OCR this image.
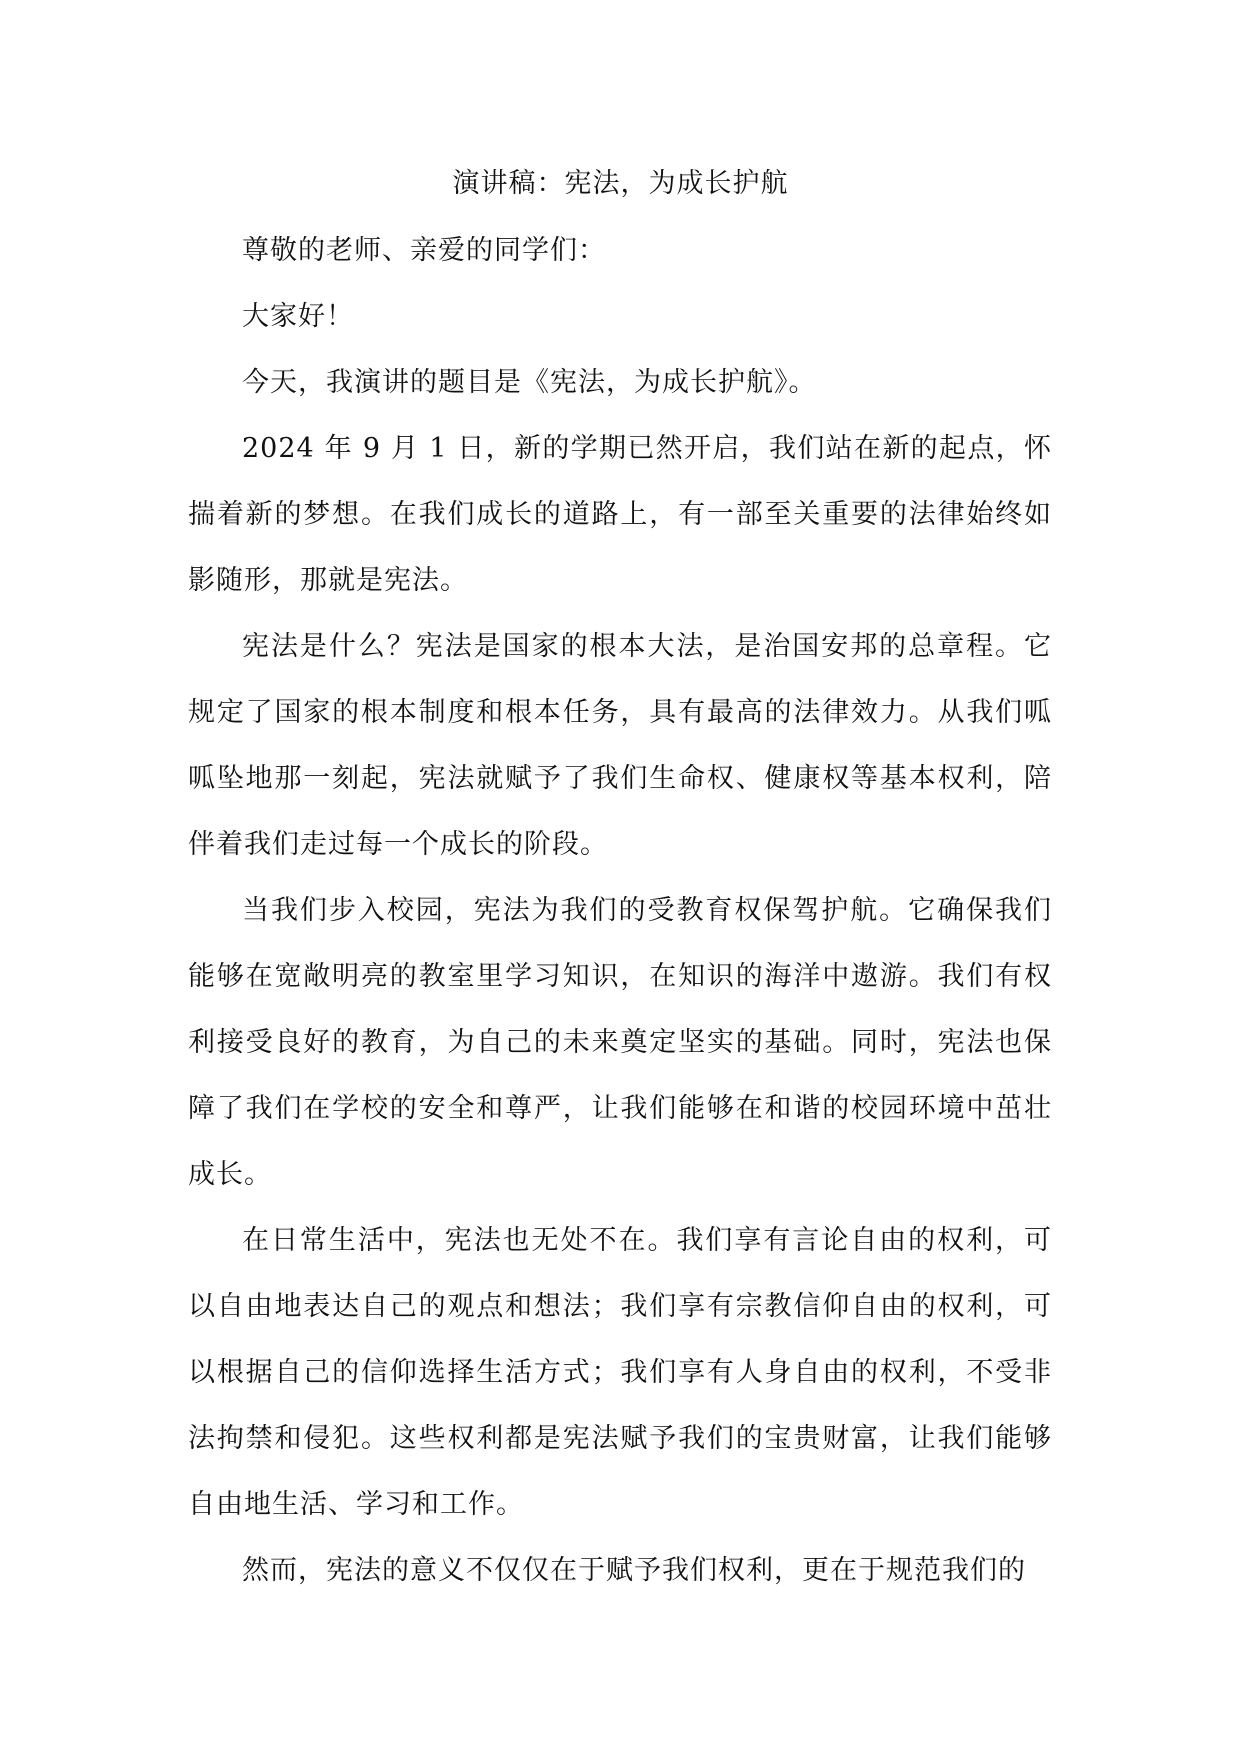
演讲稿：宪法，为成长护航

尊敬的老师、亲爱的同学们：

大家好！

今天，我演讲的题目是《宪法，为成长护航》。

2024 年 9 月 1 日，新的学期已然开启，我们站在新的起点，怀揣着新的梦想。在我们成长的道路上，有一部至关重要的法律始终如影随形，那就是宪法。

宪法是什么？宪法是国家的根本大法，是治国安邦的总章程。它规定了国家的根本制度和根本任务，具有最高的法律效力。从我们呱呱坠地那一刻起，宪法就赋予了我们生命权、健康权等基本权利，陪伴着我们走过每一个成长的阶段。

当我们步入校园，宪法为我们的受教育权保驾护航。它确保我们能够在宽敞明亮的教室里学习知识，在知识的海洋中遨游。我们有权利接受良好的教育，为自己的未来奠定坚实的基础。同时，宪法也保障了我们在学校的安全和尊严，让我们能够在和谐的校园环境中茁壮成长。

在日常生活中，宪法也无处不在。我们享有言论自由的权利，可以自由地表达自己的观点和想法；我们享有宗教信仰自由的权利，可以根据自己的信仰选择生活方式；我们享有人身自由的权利，不受非法拘禁和侵犯。这些权利都是宪法赋予我们的宝贵财富，让我们能够自由地生活、学习和工作。

然而，宪法的意义不仅仅在于赋予我们权利，更在于规范我们的
